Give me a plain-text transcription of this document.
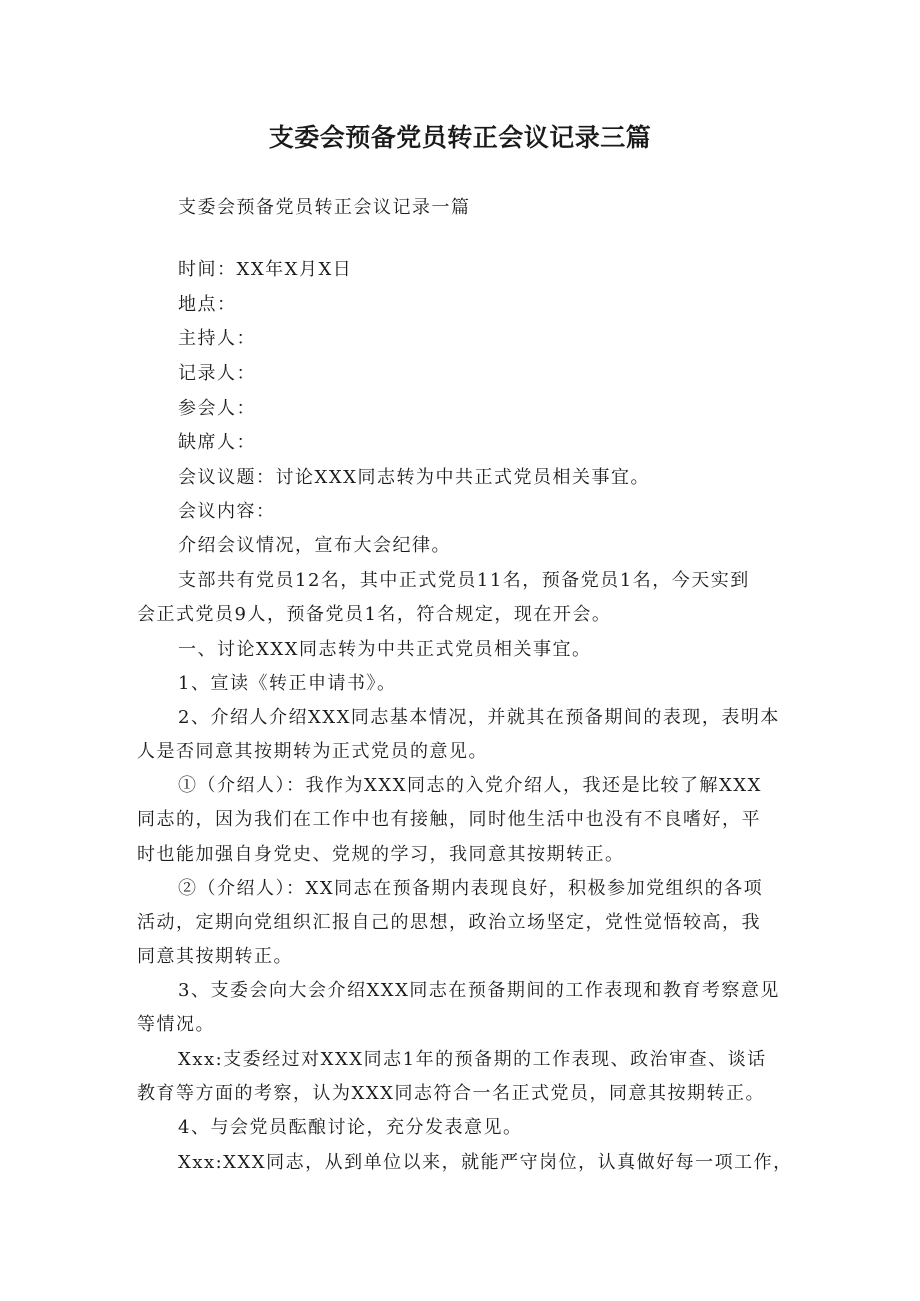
支委会预备党员转正会议记录三篇
支委会预备党员转正会议记录一篇
时间：XX年X月X日
地点：
主持人：
记录人：
参会人：
缺席人：
会议议题：讨论XXX同志转为中共正式党员相关事宜。
会议内容：
介绍会议情况，宣布大会纪律。
支部共有党员12名，其中正式党员11名，预备党员1名，今天实到
会正式党员9人，预备党员1名，符合规定，现在开会。
一、讨论XXX同志转为中共正式党员相关事宜。
1、宣读《转正申请书》。
2、介绍人介绍XXX同志基本情况，并就其在预备期间的表现，表明本
人是否同意其按期转为正式党员的意见。
①（介绍人）：我作为XXX同志的入党介绍人，我还是比较了解XXX
同志的，因为我们在工作中也有接触，同时他生活中也没有不良嗜好，平
时也能加强自身党史、党规的学习，我同意其按期转正。
②（介绍人）：XX同志在预备期内表现良好，积极参加党组织的各项
活动，定期向党组织汇报自己的思想，政治立场坚定，党性觉悟较高，我
同意其按期转正。
3、支委会向大会介绍XXX同志在预备期间的工作表现和教育考察意见
等情况。
Xxx:支委经过对XXX同志1年的预备期的工作表现、政治审查、谈话
教育等方面的考察，认为XXX同志符合一名正式党员，同意其按期转正。
4、与会党员酝酿讨论，充分发表意见。
Xxx:XXX同志，从到单位以来，就能严守岗位，认真做好每一项工作，
